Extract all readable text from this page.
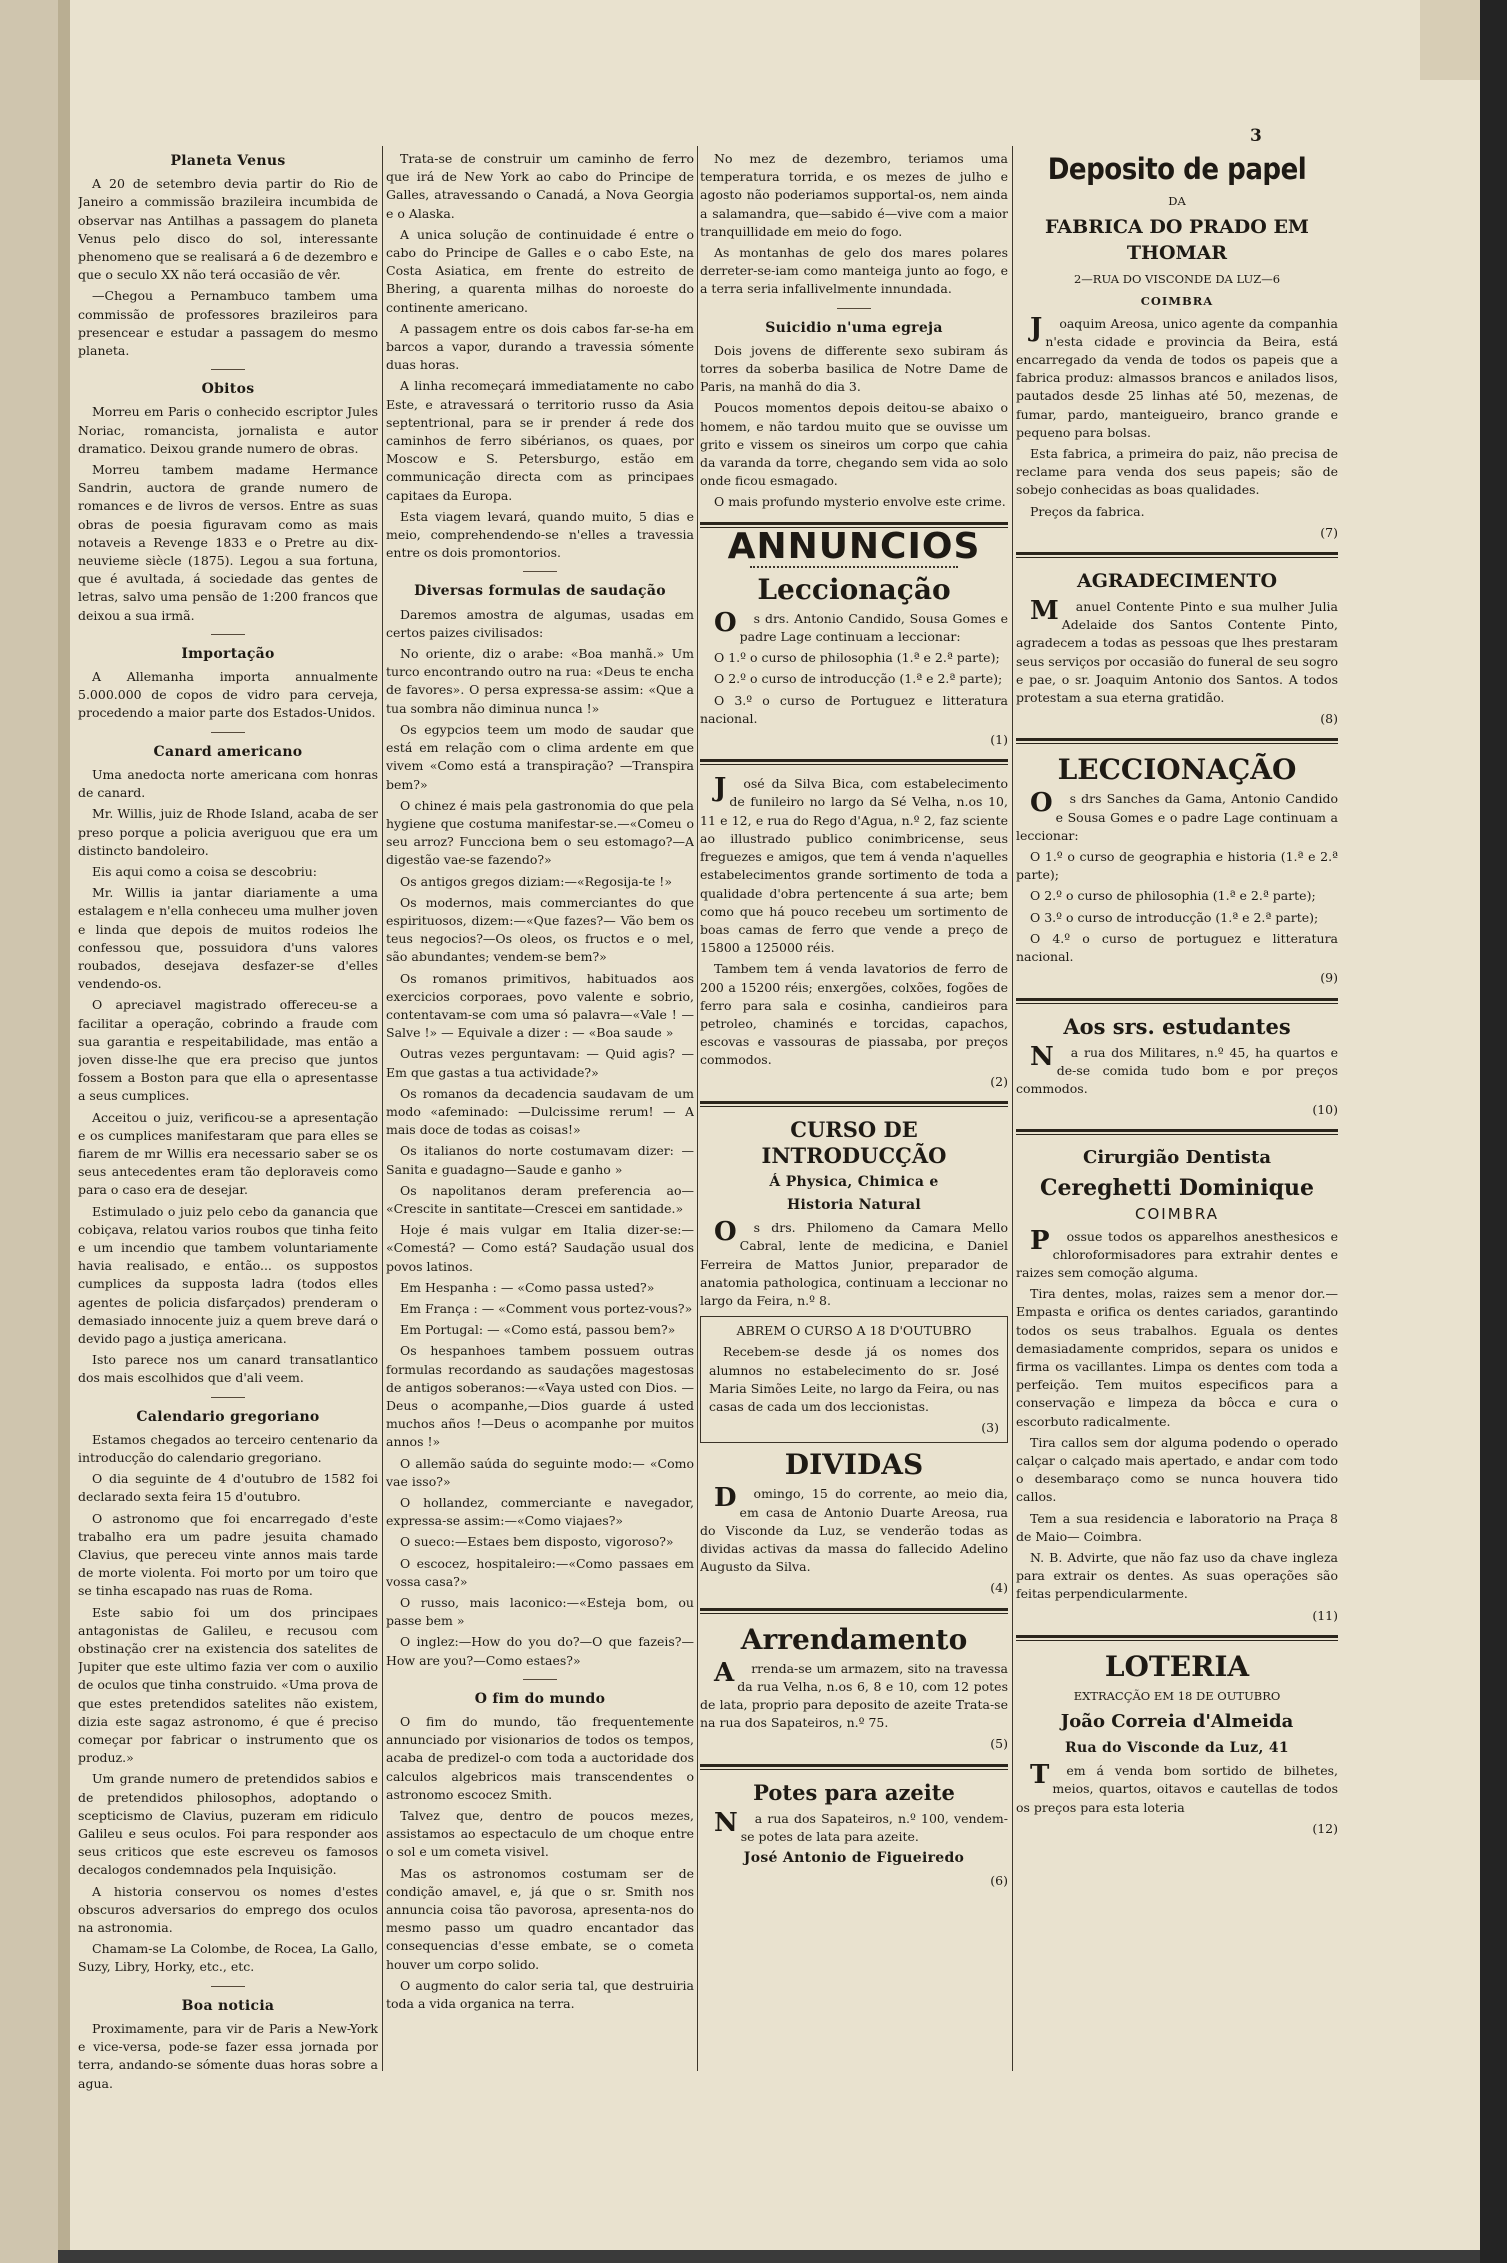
3
Planeta Venus

A 20 de setembro devia partir do Rio de Janeiro a commissão brazileira incumbida de observar nas Antilhas a passagem do planeta Venus pelo disco do sol, interessante phenomeno que se realisará a 6 de dezembro e que o seculo XX não terá occasião de vêr.

—Chegou a Pernambuco tambem uma commissão de professores brazileiros para presencear e estudar a passagem do mesmo planeta.

Obitos

Morreu em Paris o conhecido escriptor Jules Noriac, romancista, jornalista e autor dramatico. Deixou grande numero de obras.

Morreu tambem madame Hermance Sandrin, auctora de grande numero de romances e de livros de versos. Entre as suas obras de poesia figuravam como as mais notaveis a Revenge 1833 e o Pretre au dix-neuvieme siècle (1875). Legou a sua fortuna, que é avultada, á sociedade das gentes de letras, salvo uma pensão de 1:200 francos que deixou a sua irmã.

Importação

A Allemanha importa annualmente 5.000.000 de copos de vidro para cerveja, procedendo a maior parte dos Estados-Unidos.

Canard americano

Uma anedocta norte americana com honras de canard.

Mr. Willis, juiz de Rhode Island, acaba de ser preso porque a policia averiguou que era um distincto bandoleiro.

Eis aqui como a coisa se descobriu:

Mr. Willis ia jantar diariamente a uma estalagem e n'ella conheceu uma mulher joven e linda que depois de muitos rodeios lhe confessou que, possuidora d'uns valores roubados, desejava desfazer-se d'elles vendendo-os.

O apreciavel magistrado offereceu-se a facilitar a operação, cobrindo a fraude com sua garantia e respeitabilidade, mas então a joven disse-lhe que era preciso que juntos fossem a Boston para que ella o apresentasse a seus cumplices.

Acceitou o juiz, verificou-se a apresentação e os cumplices manifestaram que para elles se fiarem de mr Willis era necessario saber se os seus antecedentes eram tão deploraveis como para o caso era de desejar.

Estimulado o juiz pelo cebo da ganancia que cobiçava, relatou varios roubos que tinha feito e um incendio que tambem voluntariamente havia realisado, e então... os suppostos cumplices da supposta ladra (todos elles agentes de policia disfarçados) prenderam o demasiado innocente juiz a quem breve dará o devido pago a justiça americana.

Isto parece nos um canard transatlantico dos mais escolhidos que d'ali veem.

Calendario gregoriano

Estamos chegados ao terceiro centenario da introducção do calendario gregoriano.

O dia seguinte de 4 d'outubro de 1582 foi declarado sexta feira 15 d'outubro.

O astronomo que foi encarregado d'este trabalho era um padre jesuita chamado Clavius, que pereceu vinte annos mais tarde de morte violenta. Foi morto por um toiro que se tinha escapado nas ruas de Roma.

Este sabio foi um dos principaes antagonistas de Galileu, e recusou com obstinação crer na existencia dos satelites de Jupiter que este ultimo fazia ver com o auxilio de oculos que tinha construido. «Uma prova de que estes pretendidos satelites não existem, dizia este sagaz astronomo, é que é preciso começar por fabricar o instrumento que os produz.»

Um grande numero de pretendidos sabios e de pretendidos philosophos, adoptando o scepticismo de Clavius, puzeram em ridiculo Galileu e seus oculos. Foi para responder aos seus criticos que este escreveu os famosos decalogos condemnados pela Inquisição.

A historia conservou os nomes d'estes obscuros adversarios do emprego dos oculos na astronomia.

Chamam-se La Colombe, de Rocea, La Gallo, Suzy, Libry, Horky, etc., etc.

Boa noticia

Proximamente, para vir de Paris a New-York e vice-versa, pode-se fazer essa jornada por terra, andando-se sómente duas horas sobre a agua.

Trata-se de construir um caminho de ferro que irá de New York ao cabo do Principe de Galles, atravessando o Canadá, a Nova Georgia e o Alaska.

A unica solução de continuidade é entre o cabo do Principe de Galles e o cabo Este, na Costa Asiatica, em frente do estreito de Bhering, a quarenta milhas do noroeste do continente americano.

A passagem entre os dois cabos far-se-ha em barcos a vapor, durando a travessia sómente duas horas.

A linha recomeçará immediatamente no cabo Este, e atravessará o territorio russo da Asia septentrional, para se ir prender á rede dos caminhos de ferro sibérianos, os quaes, por Moscow e S. Petersburgo, estão em communicação directa com as principaes capitaes da Europa.

Esta viagem levará, quando muito, 5 dias e meio, comprehendendo-se n'elles a travessia entre os dois promontorios.

Diversas formulas de saudação

Daremos amostra de algumas, usadas em certos paizes civilisados:

No oriente, diz o arabe: «Boa manhã.» Um turco encontrando outro na rua: «Deus te encha de favores». O persa expressa-se assim: «Que a tua sombra não diminua nunca !»

Os egypcios teem um modo de saudar que está em relação com o clima ardente em que vivem «Como está a transpiração? —Transpira bem?»

O chinez é mais pela gastronomia do que pela hygiene que costuma manifestar-se.—«Comeu o seu arroz? Funcciona bem o seu estomago?—A digestão vae-se fazendo?»

Os antigos gregos diziam:—«Regosija-te !»

Os modernos, mais commerciantes do que espirituosos, dizem:—«Que fazes?— Vão bem os teus negocios?—Os oleos, os fructos e o mel, são abundantes; vendem-se bem?»

Os romanos primitivos, habituados aos exercicios corporaes, povo valente e sobrio, contentavam-se com uma só palavra—«Vale ! — Salve !» — Equivale a dizer : — «Boa saude »

Outras vezes perguntavam: — Quid agis? — Em que gastas a tua actividade?»

Os romanos da decadencia saudavam de um modo «afeminado: —Dulcissime rerum! — A mais doce de todas as coisas!»

Os italianos do norte costumavam dizer: —Sanita e guadagno—Saude e ganho »

Os napolitanos deram preferencia ao— «Crescite in santitate—Crescei em santidade.»

Hoje é mais vulgar em Italia dizer-se:— «Comestá? — Como está? Saudação usual dos povos latinos.

Em Hespanha : — «Como passa usted?»

Em França : — «Comment vous portez-vous?»

Em Portugal: — «Como está, passou bem?»

Os hespanhoes tambem possuem outras formulas recordando as saudações magestosas de antigos soberanos:—«Vaya usted con Dios. —Deus o acompanhe,—Dios guarde á usted muchos años !—Deus o acompanhe por muitos annos !»

O allemão saúda do seguinte modo:— «Como vae isso?»

O hollandez, commerciante e navegador, expressa-se assim:—«Como viajaes?»

O sueco:—Estaes bem disposto, vigoroso?»

O escocez, hospitaleiro:—«Como passaes em vossa casa?»

O russo, mais laconico:—«Esteja bom, ou passe bem »

O inglez:—How do you do?—O que fazeis?—How are you?—Como estaes?»

O fim do mundo

O fim do mundo, tão frequentemente annunciado por visionarios de todos os tempos, acaba de predizel-o com toda a auctoridade dos calculos algebricos mais transcendentes o astronomo escocez Smith.

Talvez que, dentro de poucos mezes, assistamos ao espectaculo de um choque entre o sol e um cometa visivel.

Mas os astronomos costumam ser de condição amavel, e, já que o sr. Smith nos annuncia coisa tão pavorosa, apresenta-nos do mesmo passo um quadro encantador das consequencias d'esse embate, se o cometa houver um corpo solido.

O augmento do calor seria tal, que destruiria toda a vida organica na terra.

No mez de dezembro, teriamos uma temperatura torrida, e os mezes de julho e agosto não poderiamos supportal-os, nem ainda a salamandra, que—sabido é—vive com a maior tranquillidade em meio do fogo.

As montanhas de gelo dos mares polares derreter-se-iam como manteiga junto ao fogo, e a terra seria infallivelmente innundada.

Suicidio n'uma egreja

Dois jovens de differente sexo subiram ás torres da soberba basilica de Notre Dame de Paris, na manhã do dia 3.

Poucos momentos depois deitou-se abaixo o homem, e não tardou muito que se ouvisse um grito e vissem os sineiros um corpo que cahia da varanda da torre, chegando sem vida ao solo onde ficou esmagado.

O mais profundo mysterio envolve este crime.

ANNUNCIOS
Leccionação

Os drs. Antonio Candido, Sousa Gomes e padre Lage continuam a leccionar:

O 1.º o curso de philosophia (1.ª e 2.ª parte);

O 2.º o curso de introducção (1.ª e 2.ª parte);

O 3.º o curso de Portuguez e litteratura nacional.

(1)

José da Silva Bica, com estabelecimento de funileiro no largo da Sé Velha, n.os 10, 11 e 12, e rua do Rego d'Agua, n.º 2, faz sciente ao illustrado publico conimbricense, seus freguezes e amigos, que tem á venda n'aquelles estabelecimentos grande sortimento de toda a qualidade d'obra pertencente á sua arte; bem como que há pouco recebeu um sortimento de boas camas de ferro que vende a preço de 15800 a 125000 réis.

Tambem tem á venda lavatorios de ferro de 200 a 15200 réis; enxergões, colxões, fogões de ferro para sala e cosinha, candieiros para petroleo, chaminés e torcidas, capachos, escovas e vassouras de piassaba, por preços commodos.

(2)
CURSO DE INTRODUCÇÃO
Á Physica, Chimica e
Historia Natural

Os drs. Philomeno da Camara Mello Cabral, lente de medicina, e Daniel Ferreira de Mattos Junior, preparador de anatomia pathologica, continuam a leccionar no largo da Feira, n.º 8.

ABREM O CURSO A 18 D'OUTUBRO

Recebem-se desde já os nomes dos alumnos no estabelecimento do sr. José Maria Simões Leite, no largo da Feira, ou nas casas de cada um dos leccionistas.

(3)
DIVIDAS

Domingo, 15 do corrente, ao meio dia, em casa de Antonio Duarte Areosa, rua do Visconde da Luz, se venderão todas as dividas activas da massa do fallecido Adelino Augusto da Silva.

(4)
Arrendamento

Arrenda-se um armazem, sito na travessa da rua Velha, n.os 6, 8 e 10, com 12 potes de lata, proprio para deposito de azeite Trata-se na rua dos Sapateiros, n.º 75.

(5)
Potes para azeite

Na rua dos Sapateiros, n.º 100, vendem-se potes de lata para azeite.

José Antonio de Figueiredo
(6)
Deposito de papel
DA
FABRICA DO PRADO EM THOMAR
2—RUA DO VISCONDE DA LUZ—6
COIMBRA

Joaquim Areosa, unico agente da companhia n'esta cidade e provincia da Beira, está encarregado da venda de todos os papeis que a fabrica produz: almassos brancos e anilados lisos, pautados desde 25 linhas até 50, mezenas, de fumar, pardo, manteigueiro, branco grande e pequeno para bolsas.

Esta fabrica, a primeira do paiz, não precisa de reclame para venda dos seus papeis; são de sobejo conhecidas as boas qualidades.

Preços da fabrica.

(7)
AGRADECIMENTO

Manuel Contente Pinto e sua mulher Julia Adelaide dos Santos Contente Pinto, agradecem a todas as pessoas que lhes prestaram seus serviços por occasião do funeral de seu sogro e pae, o sr. Joaquim Antonio dos Santos. A todos protestam a sua eterna gratidão.

(8)
LECCIONAÇÃO

Os drs Sanches da Gama, Antonio Candido e Sousa Gomes e o padre Lage continuam a leccionar:

O 1.º o curso de geographia e historia (1.ª e 2.ª parte);

O 2.º o curso de philosophia (1.ª e 2.ª parte);

O 3.º o curso de introducção (1.ª e 2.ª parte);

O 4.º o curso de portuguez e litteratura nacional.

(9)
Aos srs. estudantes

Na rua dos Militares, n.º 45, ha quartos e de-se comida tudo bom e por preços commodos.

(10)
Cirurgião Dentista
Cereghetti Dominique
COIMBRA

Possue todos os apparelhos anesthesicos e chloroformisadores para extrahir dentes e raizes sem comoção alguma.

Tira dentes, molas, raizes sem a menor dor.—Empasta e orifica os dentes cariados, garantindo todos os seus trabalhos. Eguala os dentes demasiadamente compridos, separa os unidos e firma os vacillantes. Limpa os dentes com toda a perfeição. Tem muitos especificos para a conservação e limpeza da bôcca e cura o escorbuto radicalmente.

Tira callos sem dor alguma podendo o operado calçar o calçado mais apertado, e andar com todo o desembaraço como se nunca houvera tido callos.

Tem a sua residencia e laboratorio na Praça 8 de Maio— Coimbra.

N. B. Advirte, que não faz uso da chave ingleza para extrair os dentes. As suas operações são feitas perpendicularmente.

(11)
LOTERIA
EXTRACÇÃO EM 18 DE OUTUBRO
João Correia d'Almeida
Rua do Visconde da Luz, 41

Tem á venda bom sortido de bilhetes, meios, quartos, oitavos e cautellas de todos os preços para esta loteria

(12)
